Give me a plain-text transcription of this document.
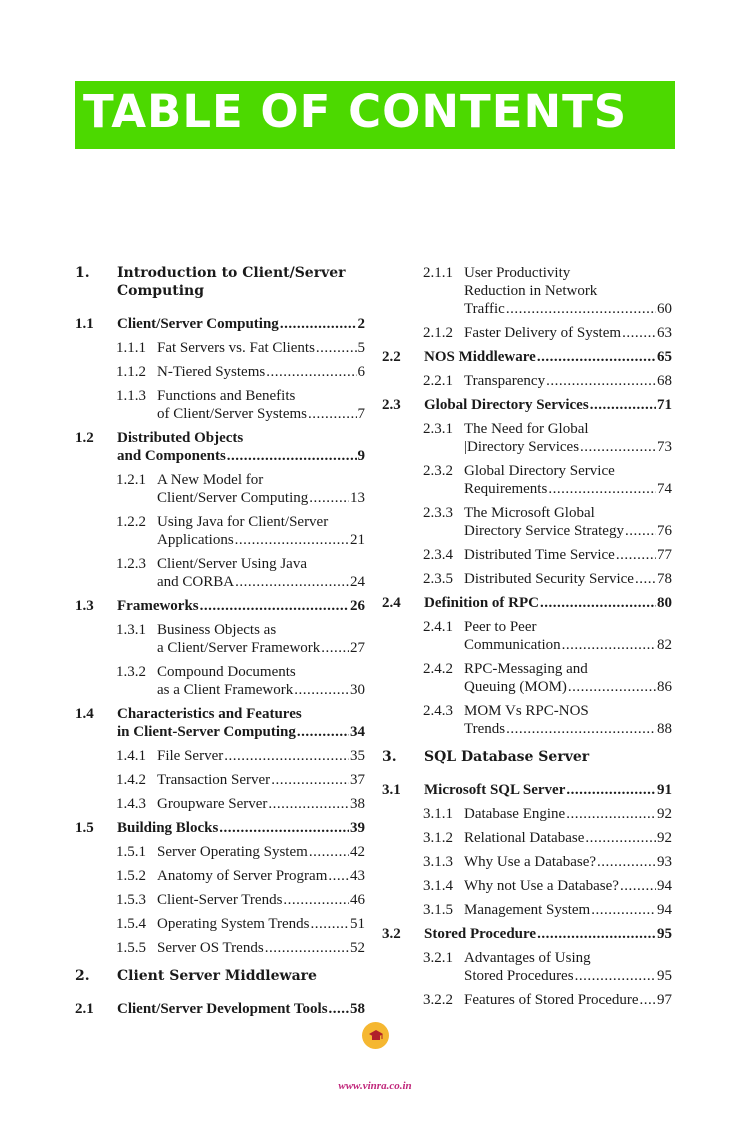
TABLE OF CONTENTS
1.	Introduction to Client/Server
Computing
1.1	Client/Server Computing .....	2
1.1.1 Fat Servers vs. Fat Clients .....	5
1.1.2 N-Tiered Systems .....	6
1.1.3 Functions and Benefits
of Client/Server Systems .....	7
1.2	Distributed Objects
and Components .....	9
1.2.1 A New Model for
Client/Server Computing .....	13
1.2.2 Using Java for Client/Server
Applications .....	21
1.2.3 Client/Server Using Java
and CORBA .....	24
1.3	Frameworks .....	26
1.3.1 Business Objects as
a Client/Server Framework ..... 27
1.3.2 Compound Documents
as a Client Framework .....	30
1.4	Characteristics and Features
in Client-Server Computing .....	34
1.4.1 File Server .....	35
1.4.2 Transaction Server .....	37
1.4.3 Groupware Server .....	38
1.5	Building Blocks .....	39
1.5.1 Server Operating System .....	42
1.5.2 Anatomy of Server Program ..... 43
1.5.3 Client-Server Trends .....	46
1.5.4 Operating System Trends .....	51
1.5.5 Server OS Trends .....	52
2.	Client Server Middleware
2.1	Client/Server Development Tools ..... 58
2.1.1 User Productivity
Reduction in Network
Traffic .....	60
2.1.2 Faster Delivery of System ..... 63
2.2	NOS Middleware .....	65
2.2.1 Transparency .....	68
2.3	Global Directory Services .....	71
2.3.1 The Need for Global
|Directory Services .....	73
2.3.2 Global Directory Service
Requirements .....	74
2.3.3 The Microsoft Global
Directory Service Strategy ..... 76
2.3.4 Distributed Time Service .....	77
2.3.5 Distributed Security Service ..... 78
2.4	Definition of RPC .....	80
2.4.1 Peer to Peer
Communication .....	82
2.4.2 RPC-Messaging and
Queuing (MOM) .....	86
2.4.3 MOM Vs RPC-NOS
Trends .....	88
3.	SQL Database Server
3.1	Microsoft SQL Server .....	91
3.1.1 Database Engine .....	92
3.1.2 Relational Database .....	92
3.1.3 Why Use a Database? .....	93
3.1.4 Why not Use a Database? .....	94
3.1.5 Management System .....	94
3.2	Stored Procedure .....	95
3.2.1 Advantages of Using
Stored Procedures .....	95
3.2.2 Features of Stored Procedure ..... 97
www.vinra.co.in
